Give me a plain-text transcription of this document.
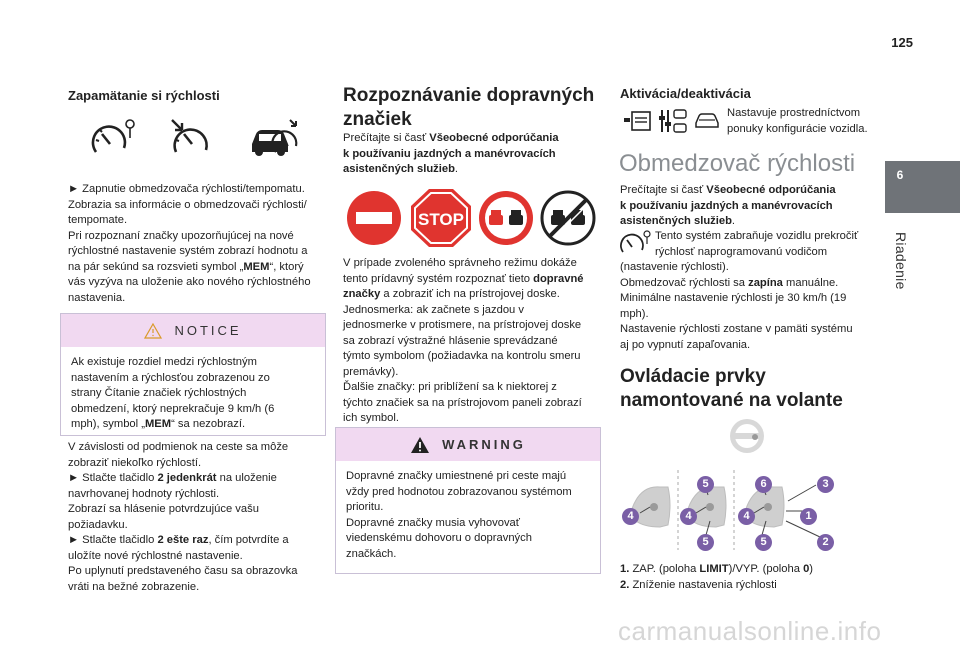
125
6
Riadenie
Zapamätanie si rýchlosti
► Zapnutie obmedzovača rýchlosti/tempomatu.
Zobrazia sa informácie o obmedzovači rýchlosti/
tempomate.
Pri rozpoznaní značky upozorňujúcej na nové
rýchlostné nastavenie systém zobrazí hodnotu a
na pár sekúnd sa rozsvieti symbol „MEM“, ktorý
vás vyzýva na uloženie ako nového rýchlostného
nastavenia.
NOTICE
Ak existuje rozdiel medzi rýchlostným
nastavením a rýchlosťou zobrazenou zo
strany Čítanie značiek rýchlostných
obmedzení, ktorý neprekračuje 9 km/h (6
mph), symbol „MEM“ sa nezobrazí.
V závislosti od podmienok na ceste sa môže
zobraziť niekoľko rýchlostí.
► Stlačte tlačidlo 2 jedenkrát na uloženie
navrhovanej hodnoty rýchlosti.
Zobrazí sa hlásenie potvrdzujúce vašu
požiadavku.
► Stlačte tlačidlo 2 ešte raz, čím potvrdíte a
uložíte nové rýchlostné nastavenie.
Po uplynutí predstaveného času sa obrazovka
vráti na bežné zobrazenie.
Rozpoznávanie dopravných
značiek
Prečítajte si časť Všeobecné odporúčania
k používaniu jazdných a manévrovacích
asistenčných služieb.
STOP
V prípade zvoleného správneho režimu dokáže
tento prídavný systém rozpoznať tieto dopravné
značky a zobraziť ich na prístrojovej doske.
Jednosmerka: ak začnete s jazdou v
jednosmerke v protismere, na prístrojovej doske
sa zobrazí výstražné hlásenie sprevádzané
týmto symbolom (požiadavka na kontrolu smeru
premávky).
Ďalšie značky: pri priblížení sa k niektorej z
týchto značiek sa na prístrojovom paneli zobrazí
ich symbol.
WARNING
Dopravné značky umiestnené pri ceste majú
vždy pred hodnotou zobrazovanou systémom
prioritu.
Dopravné značky musia vyhovovať
viedenskému dohovoru o dopravných
značkách.
Aktivácia/deaktivácia
Nastavuje prostredníctvom
ponuky konfigurácie vozidla.
Obmedzovač rýchlosti
Prečítajte si časť Všeobecné odporúčania
k používaniu jazdných a manévrovacích
asistenčných služieb.
Tento systém zabraňuje vozidlu prekročiť
rýchlosť naprogramovanú vodičom
(nastavenie rýchlosti).
Obmedzovač rýchlosti sa zapína manuálne.
Minimálne nastavenie rýchlosti je 30 km/h (19
mph).
Nastavenie rýchlosti zostane v pamäti systému
aj po vypnutí zapaľovania.
Ovládacie prvky
namontované na volante
5	6	3
4	4	4	1
5	5	2
1. ZAP. (poloha LIMIT)/VYP. (poloha 0)
2. Zníženie nastavenia rýchlosti
carmanualsonline.info
